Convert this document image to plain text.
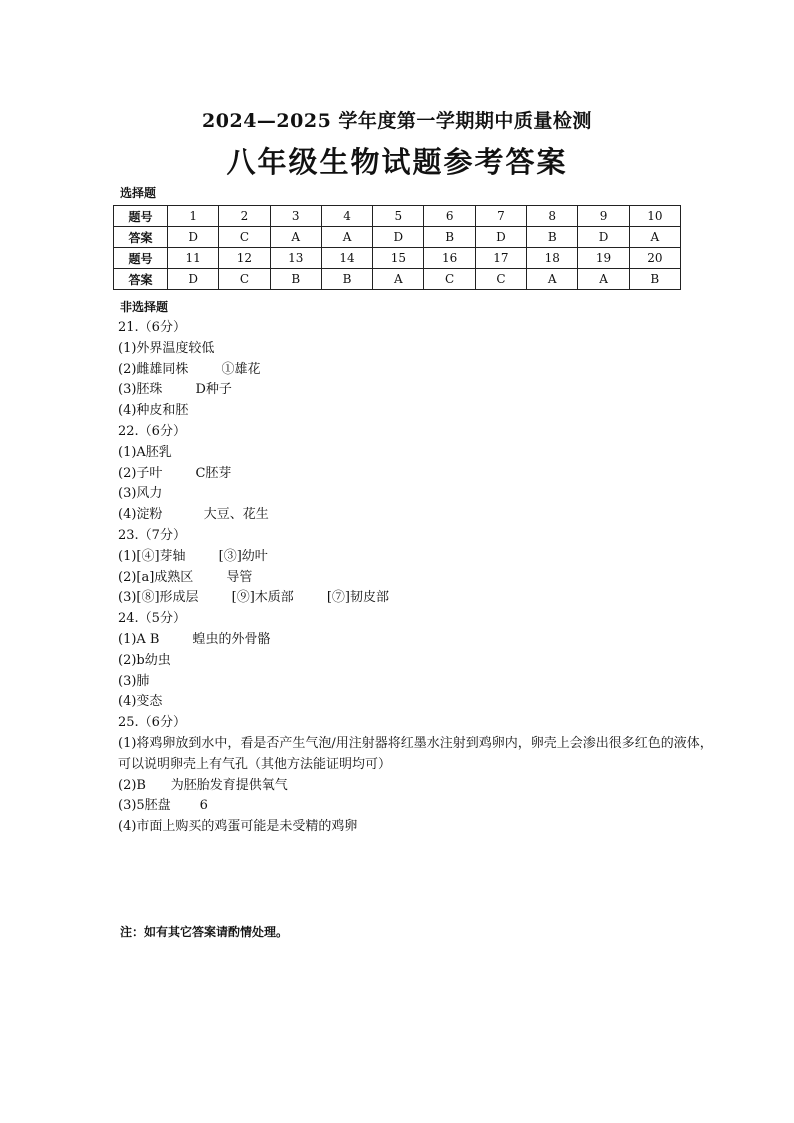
2024—2025 学年度第一学期期中质量检测
八年级生物试题参考答案
选择题
题号	1	2	3	4	5	6	7	8	9	10
答案	D	C	A	A	D	B	D	B	D	A
题号	11	12	13	14	15	16	17	18	19	20
答案	D	C	B	B	A	C	C	A	A	B
非选择题
21.（6分）
(1)外界温度较低
(2)雌雄同株        ①雄花
(3)胚珠        D种子
(4)种皮和胚
22.（6分）
(1)A胚乳
(2)子叶        C胚芽
(3)风力
(4)淀粉          大豆、花生
23.（7分）
(1)[④]芽轴        [③]幼叶
(2)[a]成熟区        导管
(3)[⑧]形成层        [⑨]木质部        [⑦]韧皮部
24.（5分）
(1)A B        蝗虫的外骨骼
(2)b幼虫
(3)肺
(4)变态
25.（6分）
(1)将鸡卵放到水中，看是否产生气泡/用注射器将红墨水注射到鸡卵内，卵壳上会渗出很多红色的液体，可以说明卵壳上有气孔（其他方法能证明均可）
(2)B      为胚胎发育提供氧气
(3)5胚盘       6
(4)市面上购买的鸡蛋可能是未受精的鸡卵
注：如有其它答案请酌情处理。
